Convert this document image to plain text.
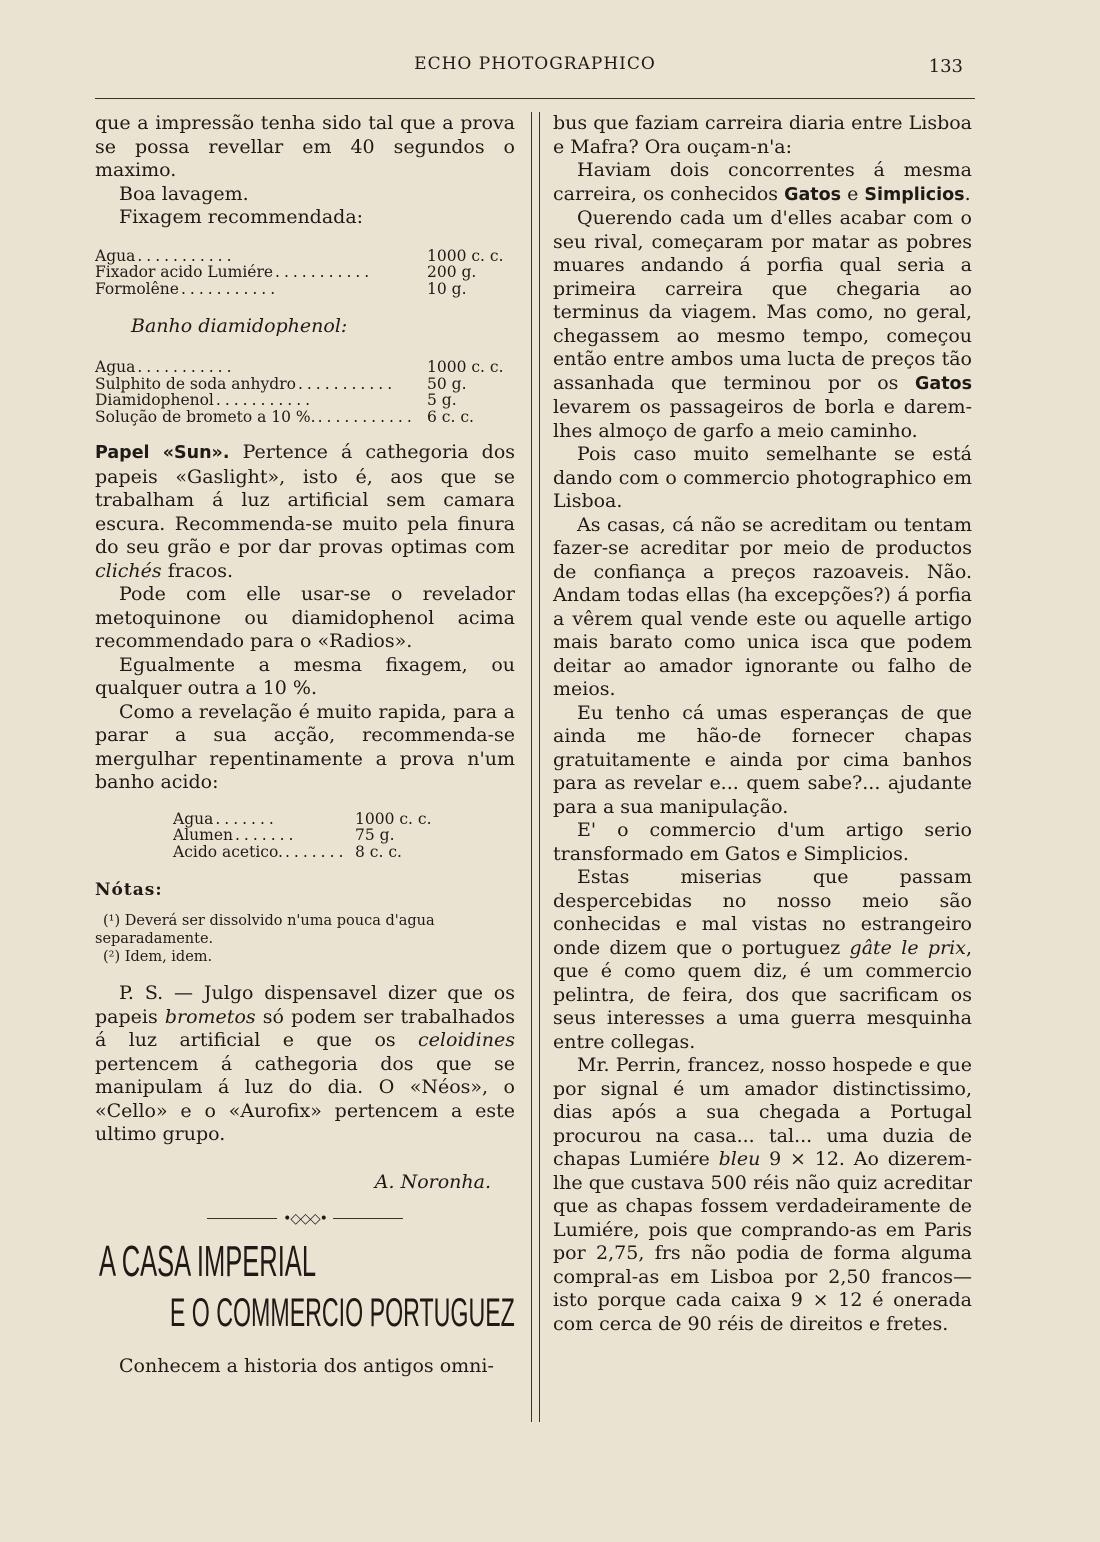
ECHO PHOTOGRAPHICO	133

que a impressão tenha sido tal que a prova se possa revellar em 40 segundos o maximo.

Boa lavagem.

Fixagem recommendada:

Agua ...........	1000 c. c.
Fixador acido Lumiére ...........	200 g.
Formolêne ...........	10 g.

Banho diamidophenol:

Agua ...........	1000 c. c.
Sulphito de soda anhydro ...........	50 g.
Diamidophenol ...........	5 g.
Solução de brometo a 10 %. ........... 6 c. c.

Papel «Sun». Pertence á cathegoria dos papeis «Gaslight», isto é, aos que se trabalham á luz artificial sem camara escura. Recommenda-se muito pela finura do seu grão e por dar provas optimas com clichés fracos.

Pode com elle usar-se o revelador metoquinone ou diamidophenol acima recommendado para o «Radios».

Egualmente a mesma fixagem, ou qualquer outra a 10 %.

Como a revelação é muito rapida, para a parar a sua acção, recommenda-se mergulhar repentinamente a prova n'um banho acido:

Agua .......	1000 c. c.
Alumen .......	75 g.
Acido acetico. ....... 8 c. c.
Nótas:
(¹) Deverá ser dissolvido n'uma pouca d'agua separadamente.
(²) Idem, idem.

P. S. — Julgo dispensavel dizer que os papeis brometos só podem ser trabalhados á luz artificial e que os celoidines pertencem á cathegoria dos que se manipulam á luz do dia. O «Néos», o «Cello» e o «Aurofix» pertencem a este ultimo grupo.

A. Noronha.
•◇◇◇•
A CASA IMPERIAL
E O COMMERCIO PORTUGUEZ

Conhecem a historia dos antigos omni-

bus que faziam carreira diaria entre Lisboa e Mafra? Ora ouçam-n'a:

Haviam dois concorrentes á mesma carreira, os conhecidos Gatos e Simplicios.

Querendo cada um d'elles acabar com o seu rival, começaram por matar as pobres muares andando á porfia qual seria a primeira carreira que chegaria ao terminus da viagem. Mas como, no geral, chegassem ao mesmo tempo, começou então entre ambos uma lucta de preços tão assanhada que terminou por os Gatos levarem os passageiros de borla e darem-lhes almoço de garfo a meio caminho.

Pois caso muito semelhante se está dando com o commercio photographico em Lisboa.

As casas, cá não se acreditam ou tentam fazer-se acreditar por meio de productos de confiança a preços razoaveis. Não. Andam todas ellas (ha excepções?) á porfia a vêrem qual vende este ou aquelle artigo mais barato como unica isca que podem deitar ao amador ignorante ou falho de meios.

Eu tenho cá umas esperanças de que ainda me hão-de fornecer chapas gratuitamente e ainda por cima banhos para as revelar e... quem sabe?... ajudante para a sua manipulação.

E' o commercio d'um artigo serio transformado em Gatos e Simplicios.

Estas miserias que passam despercebidas no nosso meio são conhecidas e mal vistas no estrangeiro onde dizem que o portuguez gâte le prix, que é como quem diz, é um commercio pelintra, de feira, dos que sacrificam os seus interesses a uma guerra mesquinha entre collegas.

Mr. Perrin, francez, nosso hospede e que por signal é um amador distinctissimo, dias após a sua chegada a Portugal procurou na casa... tal... uma duzia de chapas Lumiére bleu 9 × 12. Ao dizerem-lhe que custava 500 réis não quiz acreditar que as chapas fossem verdadeiramente de Lumiére, pois que comprando-as em Paris por 2,75, frs não podia de forma alguma compral-as em Lisboa por 2,50 francos—isto porque cada caixa 9 × 12 é onerada com cerca de 90 réis de direitos e fretes.
